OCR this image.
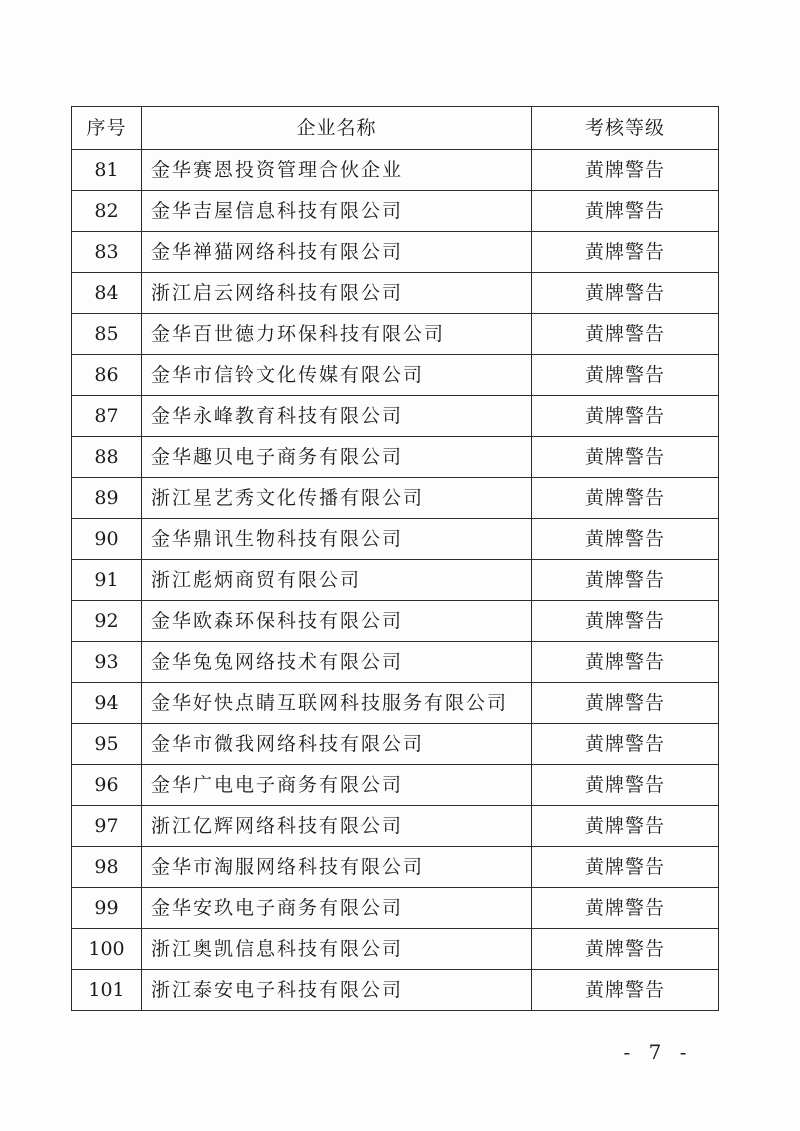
序号	企业名称	考核等级
81	金华赛恩投资管理合伙企业	黄牌警告
82	金华吉屋信息科技有限公司	黄牌警告
83	金华禅猫网络科技有限公司	黄牌警告
84	浙江启云网络科技有限公司	黄牌警告
85	金华百世德力环保科技有限公司	黄牌警告
86	金华市信铃文化传媒有限公司	黄牌警告
87	金华永峰教育科技有限公司	黄牌警告
88	金华趣贝电子商务有限公司	黄牌警告
89	浙江星艺秀文化传播有限公司	黄牌警告
90	金华鼎讯生物科技有限公司	黄牌警告
91	浙江彪炳商贸有限公司	黄牌警告
92	金华欧森环保科技有限公司	黄牌警告
93	金华兔兔网络技术有限公司	黄牌警告
94	金华好快点睛互联网科技服务有限公司	黄牌警告
95	金华市微我网络科技有限公司	黄牌警告
96	金华广电电子商务有限公司	黄牌警告
97	浙江亿辉网络科技有限公司	黄牌警告
98	金华市淘服网络科技有限公司	黄牌警告
99	金华安玖电子商务有限公司	黄牌警告
100	浙江奥凯信息科技有限公司	黄牌警告
101	浙江泰安电子科技有限公司	黄牌警告
- 7 -
